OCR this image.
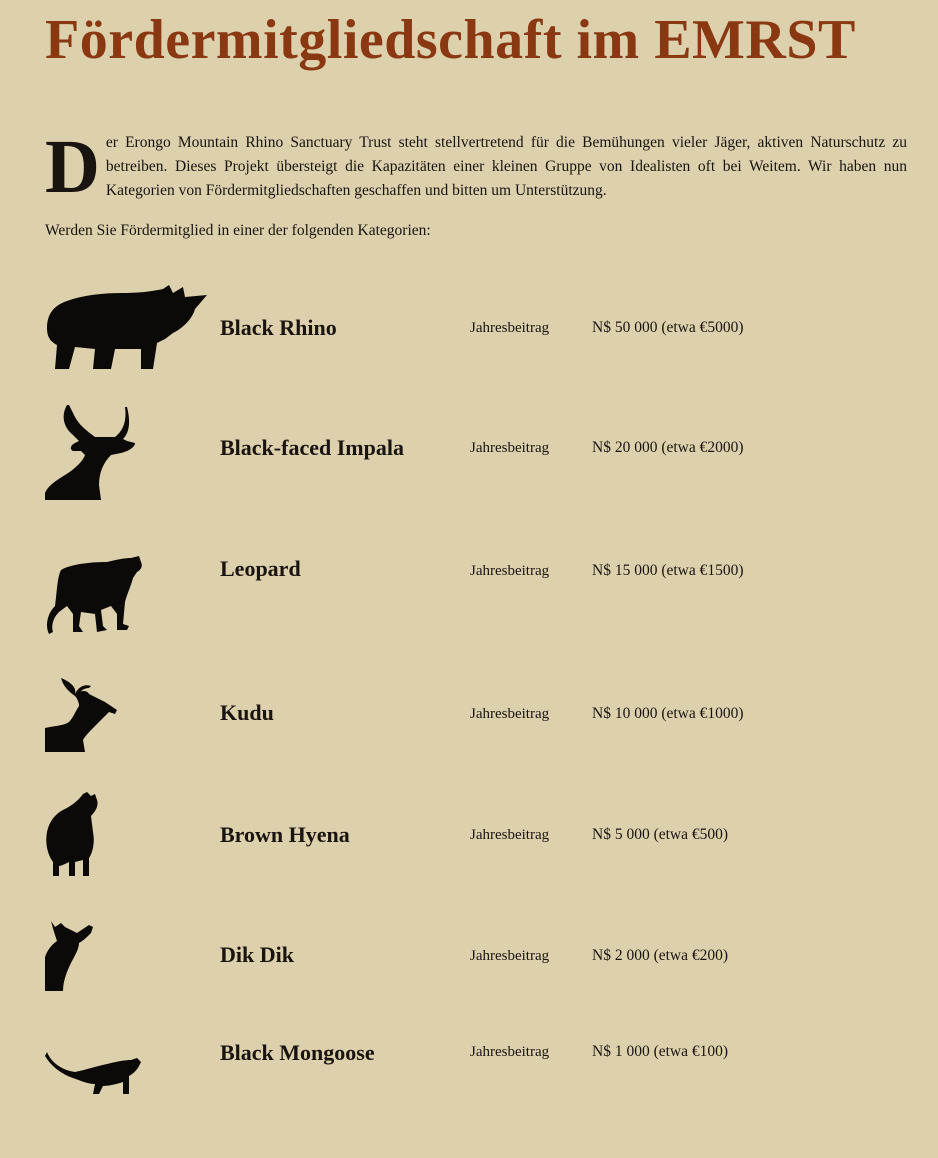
Fördermitgliedschaft im EMRST
Der Erongo Mountain Rhino Sanctuary Trust steht stellvertretend für die Bemühungen vieler Jäger, aktiven Naturschutz zu betreiben. Dieses Projekt übersteigt die Kapazitäten einer kleinen Gruppe von Idealisten oft bei Weitem. Wir haben nun Kategorien von Fördermitgliedschaften geschaffen und bitten um Unterstützung.
Werden Sie Fördermitglied in einer der folgenden Kategorien:
Black Rhino	Jahresbeitrag	N$ 50 000 (etwa €5000)
Black-faced Impala	Jahresbeitrag	N$ 20 000 (etwa €2000)
Leopard	Jahresbeitrag	N$ 15 000 (etwa €1500)
Kudu	Jahresbeitrag	N$ 10 000 (etwa €1000)
Brown Hyena	Jahresbeitrag	N$ 5 000 (etwa €500)
Dik Dik	Jahresbeitrag	N$ 2 000 (etwa €200)
Black Mongoose	Jahresbeitrag	N$ 1 000 (etwa €100)
